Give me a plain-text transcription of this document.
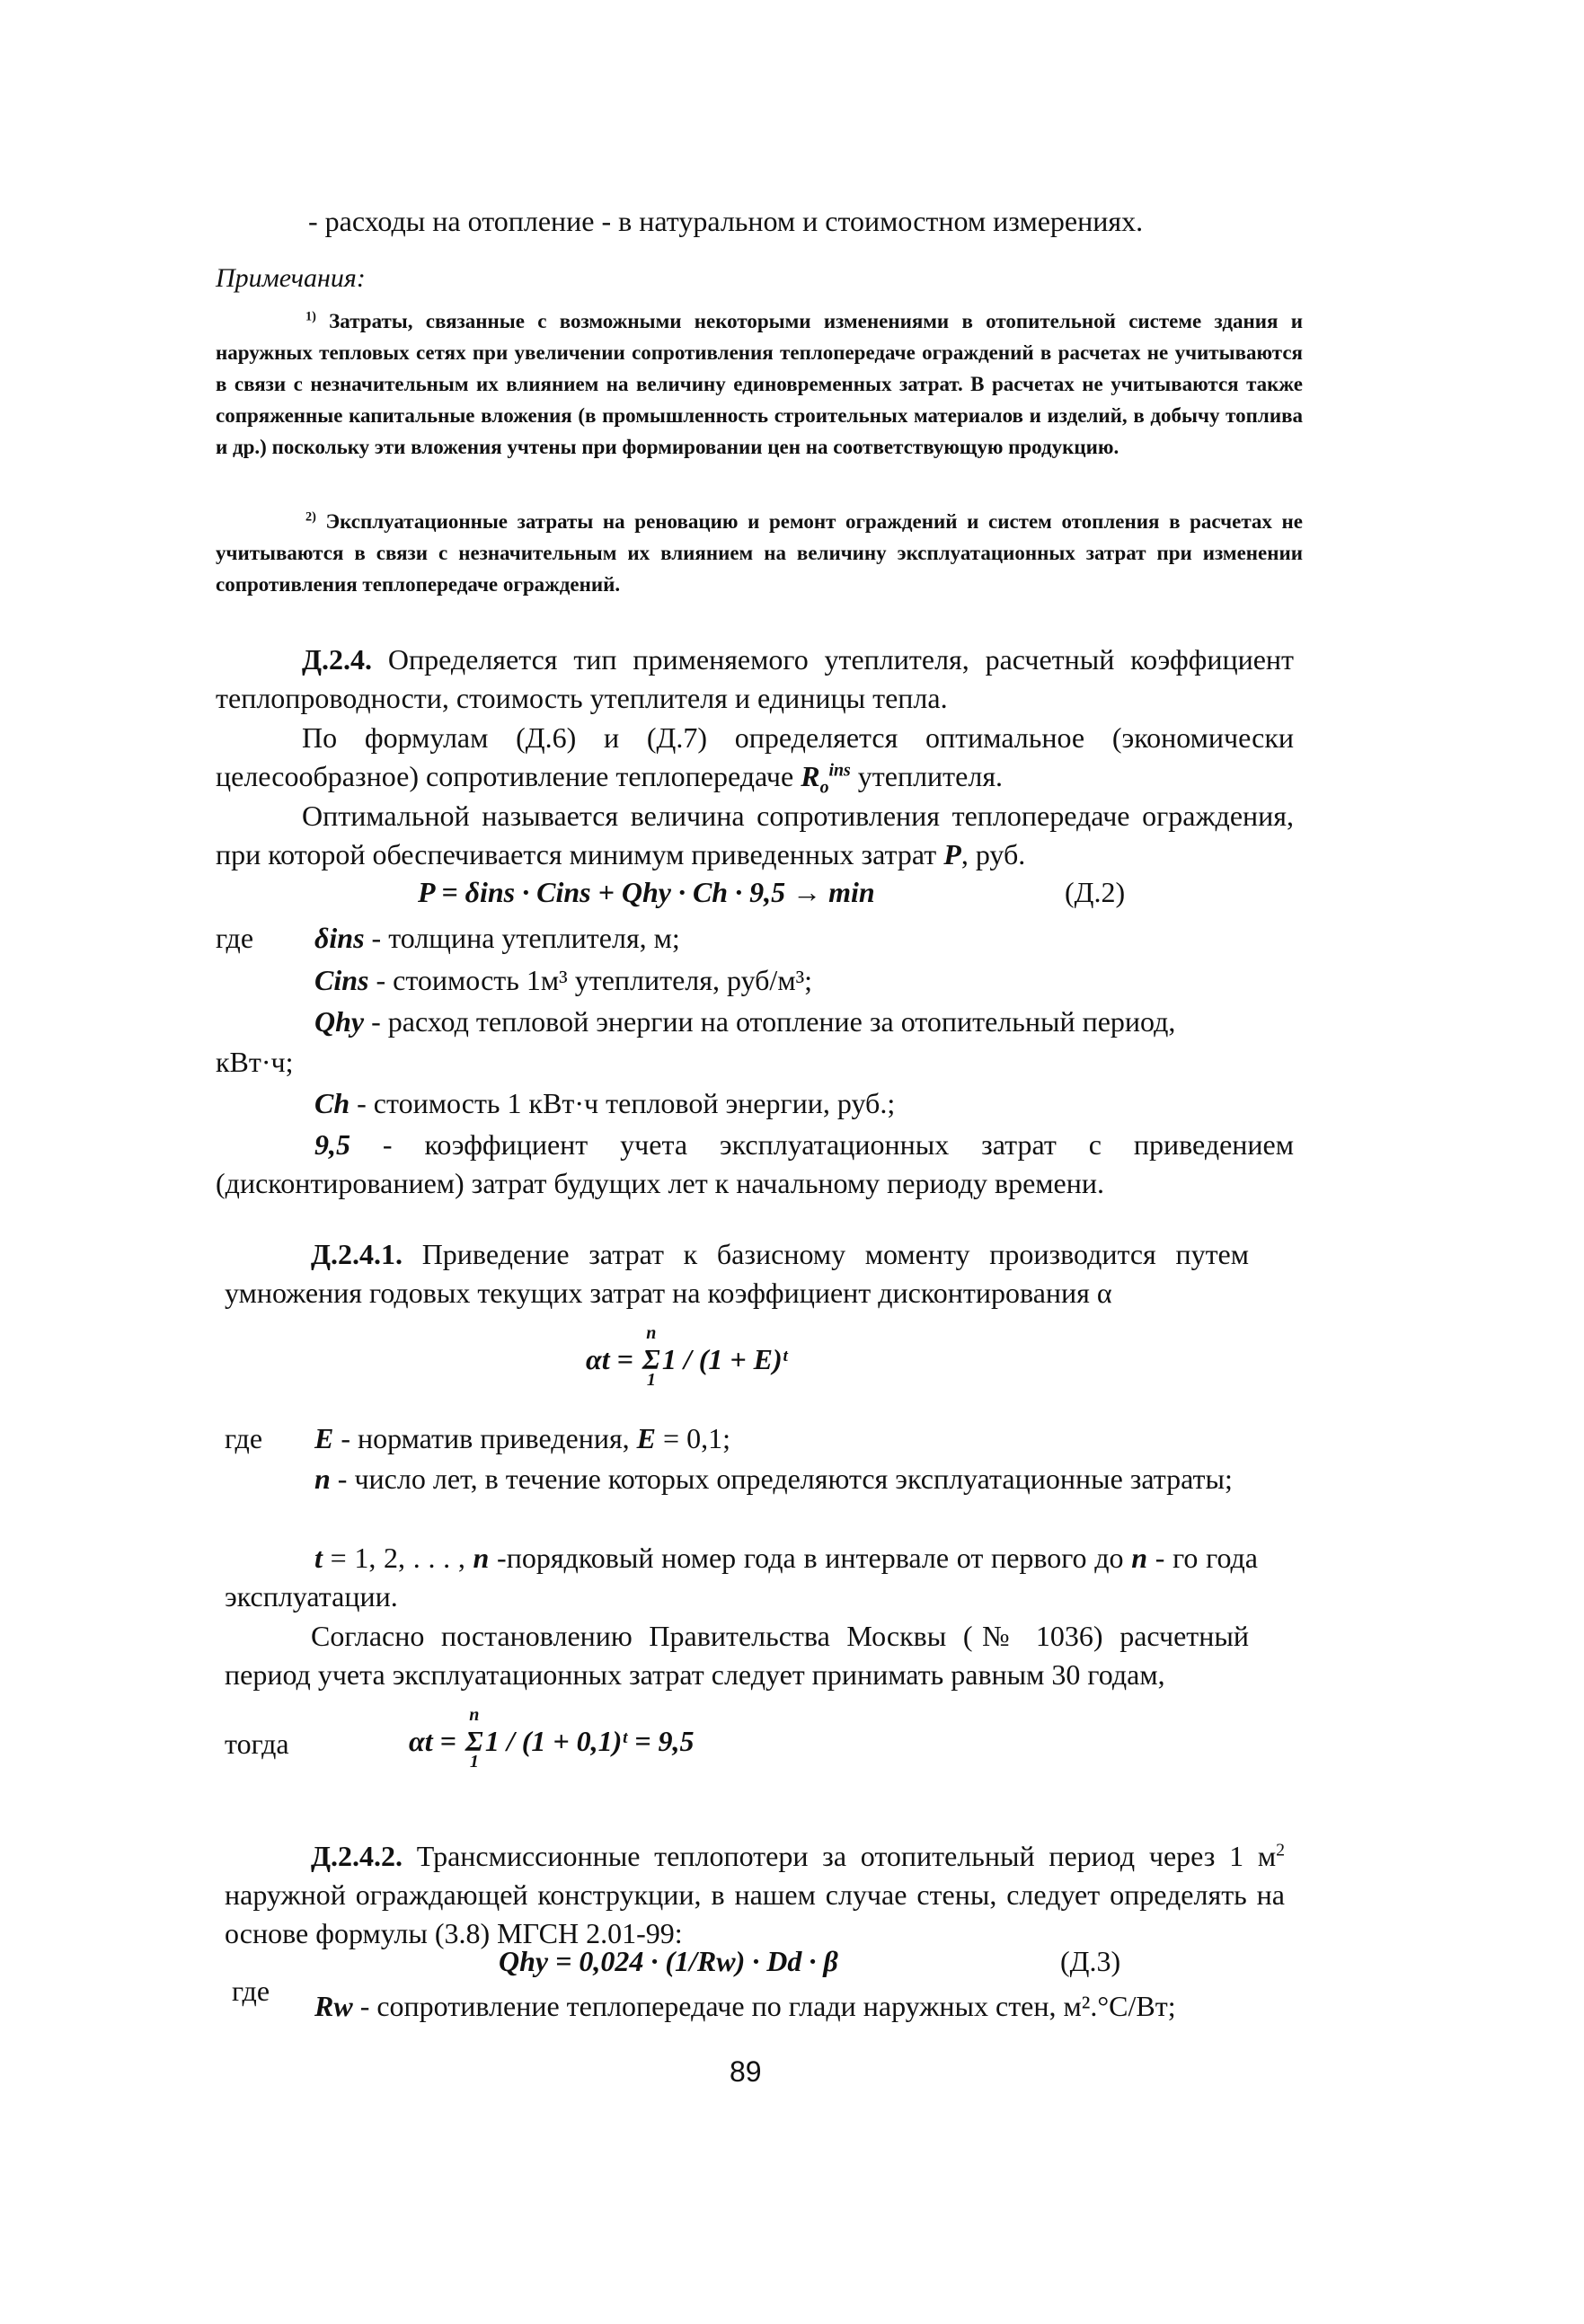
- расходы на отопление - в натуральном и стоимостном измерениях.
Примечания:
$^{1)}$ Затраты, связанные с возможными некоторыми изменениями в отопительной системе здания и наружных тепловых сетях при увеличении сопротивления теплопередаче ограждений в расчетах не учитываются в связи с незначительным их влиянием на величину единовременных затрат. В расчетах не учитываются также сопряженные капитальные вложения (в промышленность строительных материалов и изделий, в добычу топлива и др.) поскольку эти вложения учтены при формировании цен на соответствующую продукцию.
$^{2)}$ Эксплуатационные затраты на реновацию и ремонт ограждений и систем отопления в расчетах не учитываются в связи с незначительным их влиянием на величину эксплуатационных затрат при изменении сопротивления теплопередаче ограждений.
Д.2.4. Определяется тип применяемого утеплителя, расчетный коэффициент теплопроводности, стоимость утеплителя и единицы тепла.
По формулам (Д.6) и (Д.7) определяется оптимальное (экономически целесообразное) сопротивление теплопередаче $R_o^{ins}$ утеплителя.
Оптимальной называется величина сопротивления теплопередаче ограждения, при которой обеспечивается минимум приведенных затрат P, руб.
P = δins · Cins + Qhy · Ch · 9,5 → min	(Д.2)
где δins - толщина утеплителя, м;
Cins - стоимость 1м³ утеплителя, руб/м³;
Qhy - расход тепловой энергии на отопление за отопительный период,
кВт·ч;
Ch - стоимость 1 кВт·ч тепловой энергии, руб.;
9,5 - коэффициент учета эксплуатационных затрат с приведением (дисконтированием) затрат будущих лет к начальному периоду времени.
Д.2.4.1. Приведение затрат к базисному моменту производится путем умножения годовых текущих затрат на коэффициент дисконтирования α
αt = Σ
n
1
1 / (1 + E)ᵗ
где E - норматив приведения, E = 0,1;
n - число лет, в течение которых определяются эксплуатационные затраты;
t = 1, 2, . . . , n -порядковый номер года в интервале от первого до n - го года эксплуатации.
Согласно постановлению Правительства Москвы (№ 1036) расчетный период учета эксплуатационных затрат следует принимать равным 30 годам,
тогда	αt = Σ
n
1
1 / (1 + 0,1)ᵗ = 9,5
Д.2.4.2. Трансмиссионные теплопотери за отопительный период через 1 $м^2$ наружной ограждающей конструкции, в нашем случае стены, следует определять на основе формулы (3.8) МГСН 2.01-99:
Qhy = 0,024 · (1/Rw) · Dd · β	(Д.3)
где Rw - сопротивление теплопередаче по глади наружных стен, м².°С/Вт;
89
